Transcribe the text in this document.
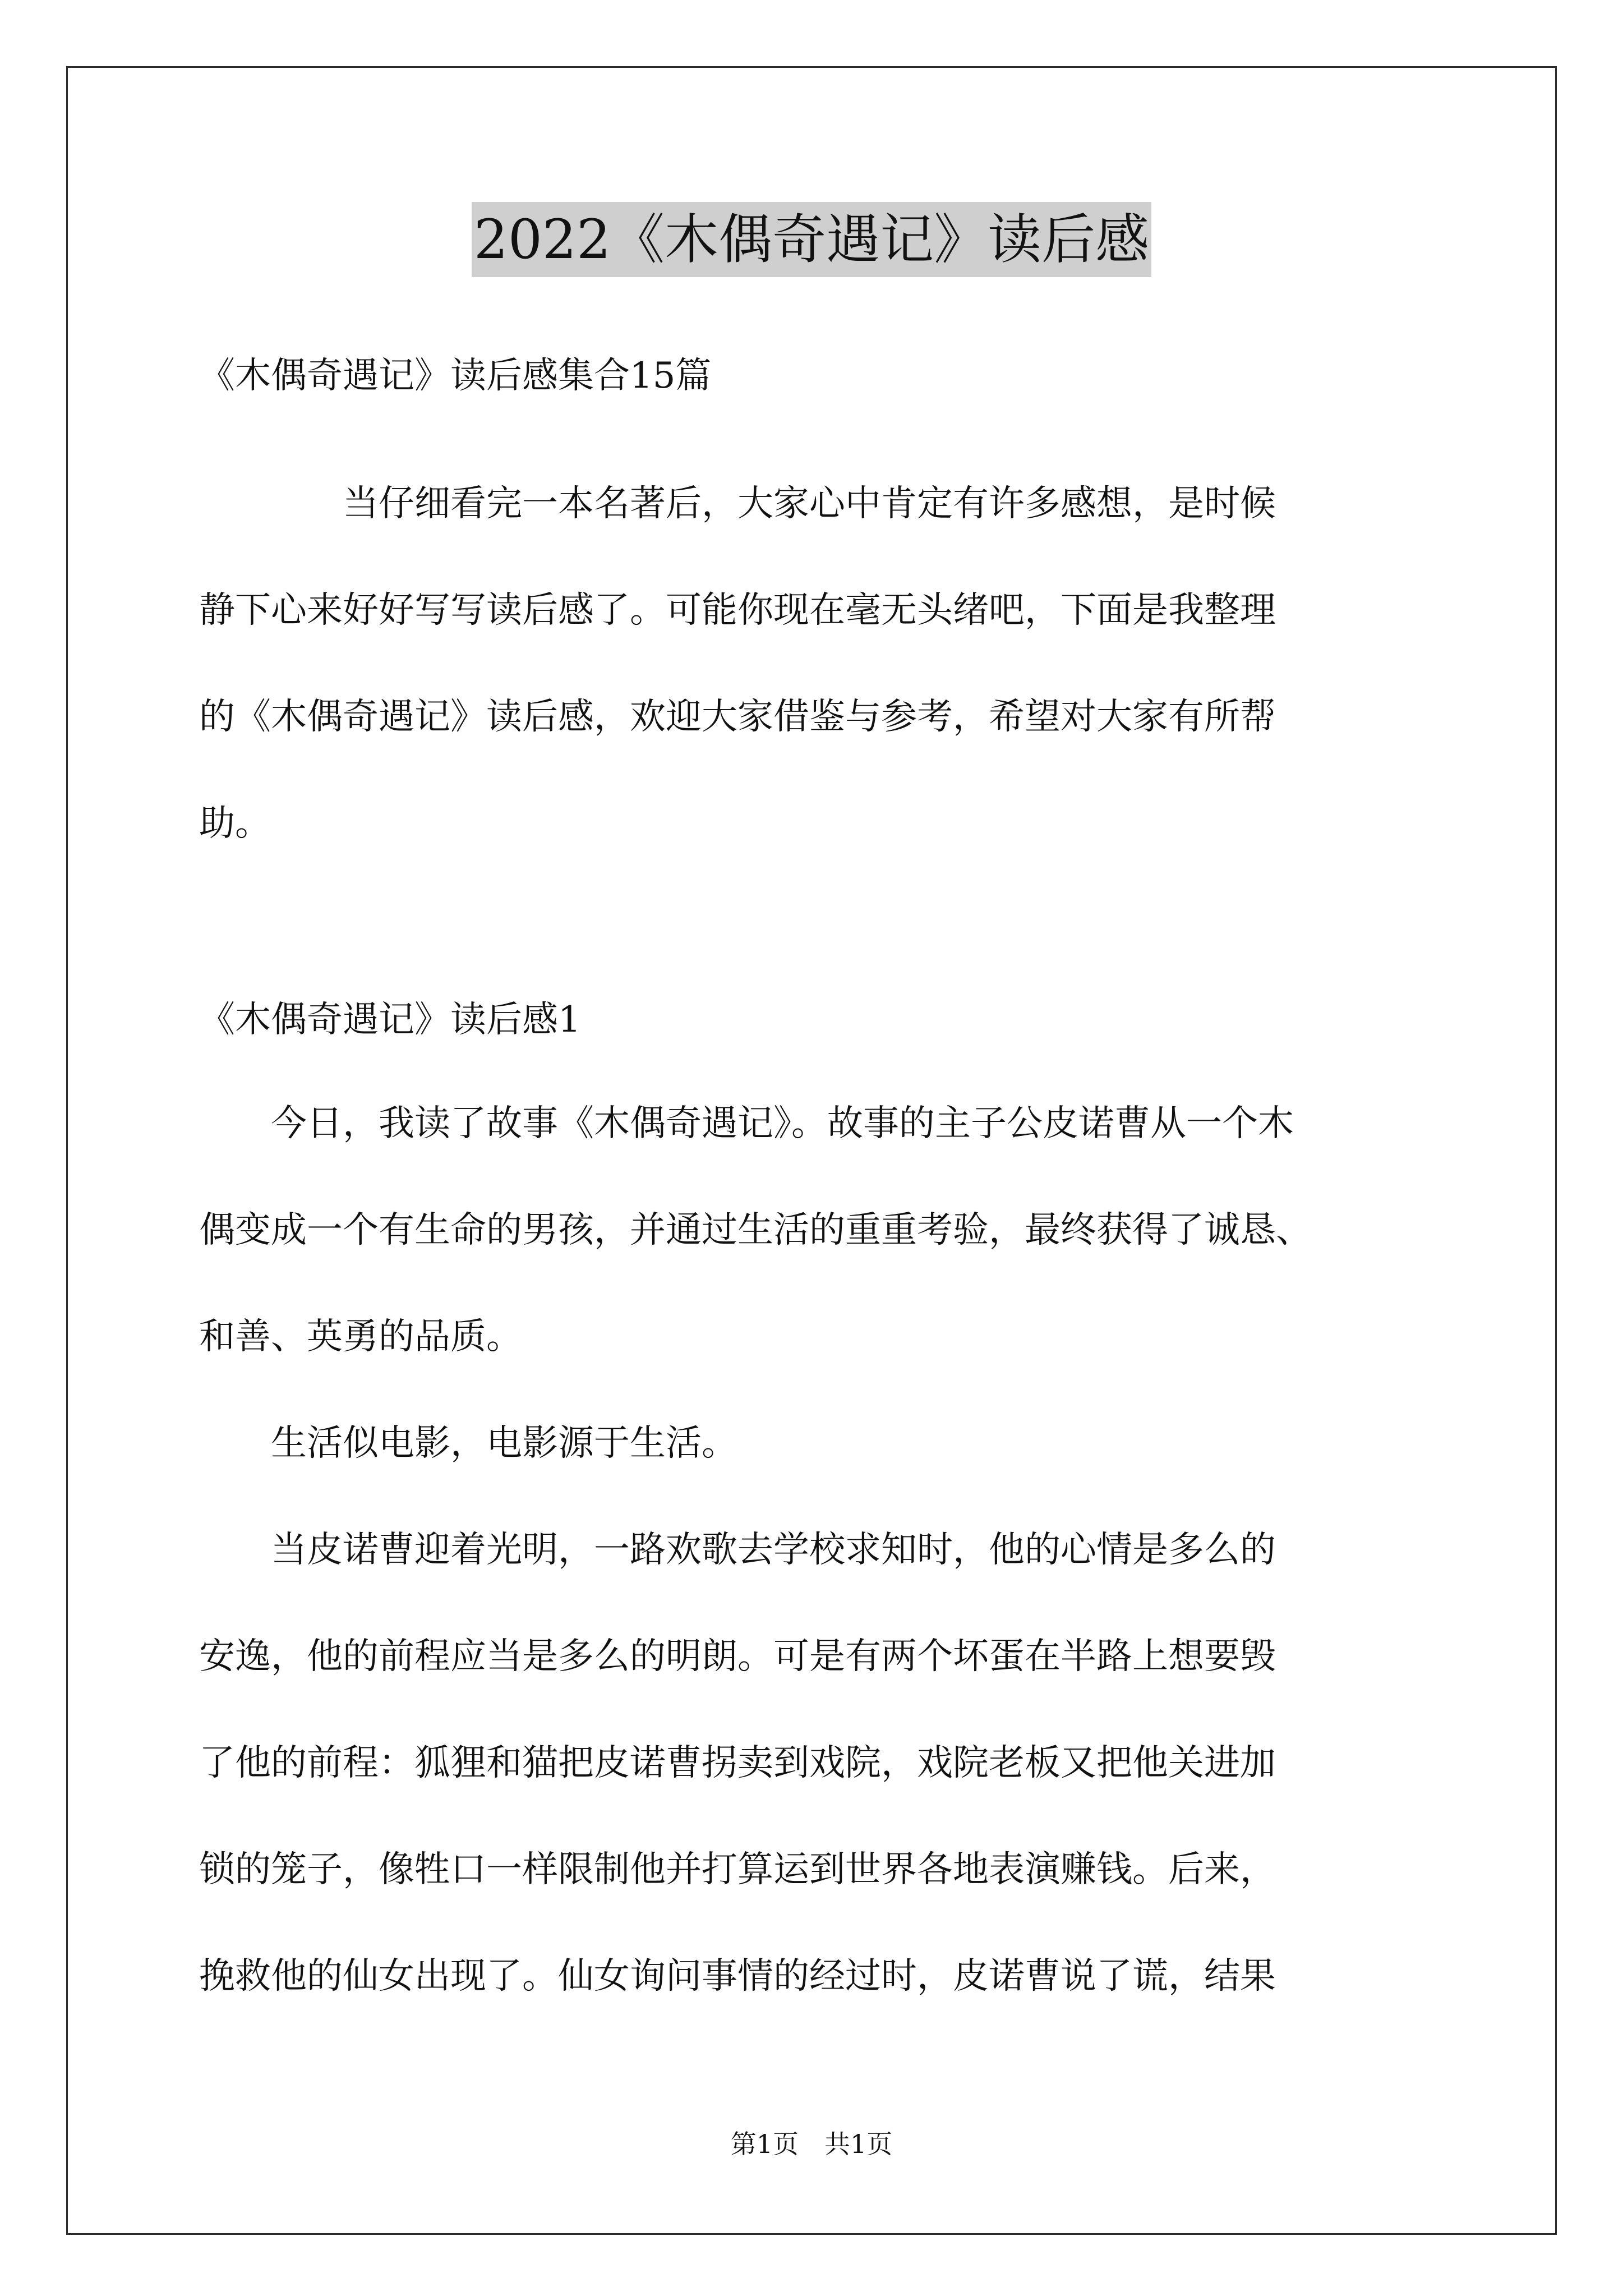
2022《木偶奇遇记》读后感
《木偶奇遇记》读后感集合15篇
　　　　当仔细看完一本名著后，大家心中肯定有许多感想，是时候
静下心来好好写写读后感了。可能你现在毫无头绪吧，下面是我整理
的《木偶奇遇记》读后感，欢迎大家借鉴与参考，希望对大家有所帮
助。
《木偶奇遇记》读后感1
　　今日，我读了故事《木偶奇遇记》。故事的主子公皮诺曹从一个木
偶变成一个有生命的男孩，并通过生活的重重考验，最终获得了诚恳、
和善、英勇的品质。
　　生活似电影，电影源于生活。
　　当皮诺曹迎着光明，一路欢歌去学校求知时，他的心情是多么的
安逸，他的前程应当是多么的明朗。可是有两个坏蛋在半路上想要毁
了他的前程：狐狸和猫把皮诺曹拐卖到戏院，戏院老板又把他关进加
锁的笼子，像牲口一样限制他并打算运到世界各地表演赚钱。后来，
挽救他的仙女出现了。仙女询问事情的经过时，皮诺曹说了谎，结果
第1页 共1页
